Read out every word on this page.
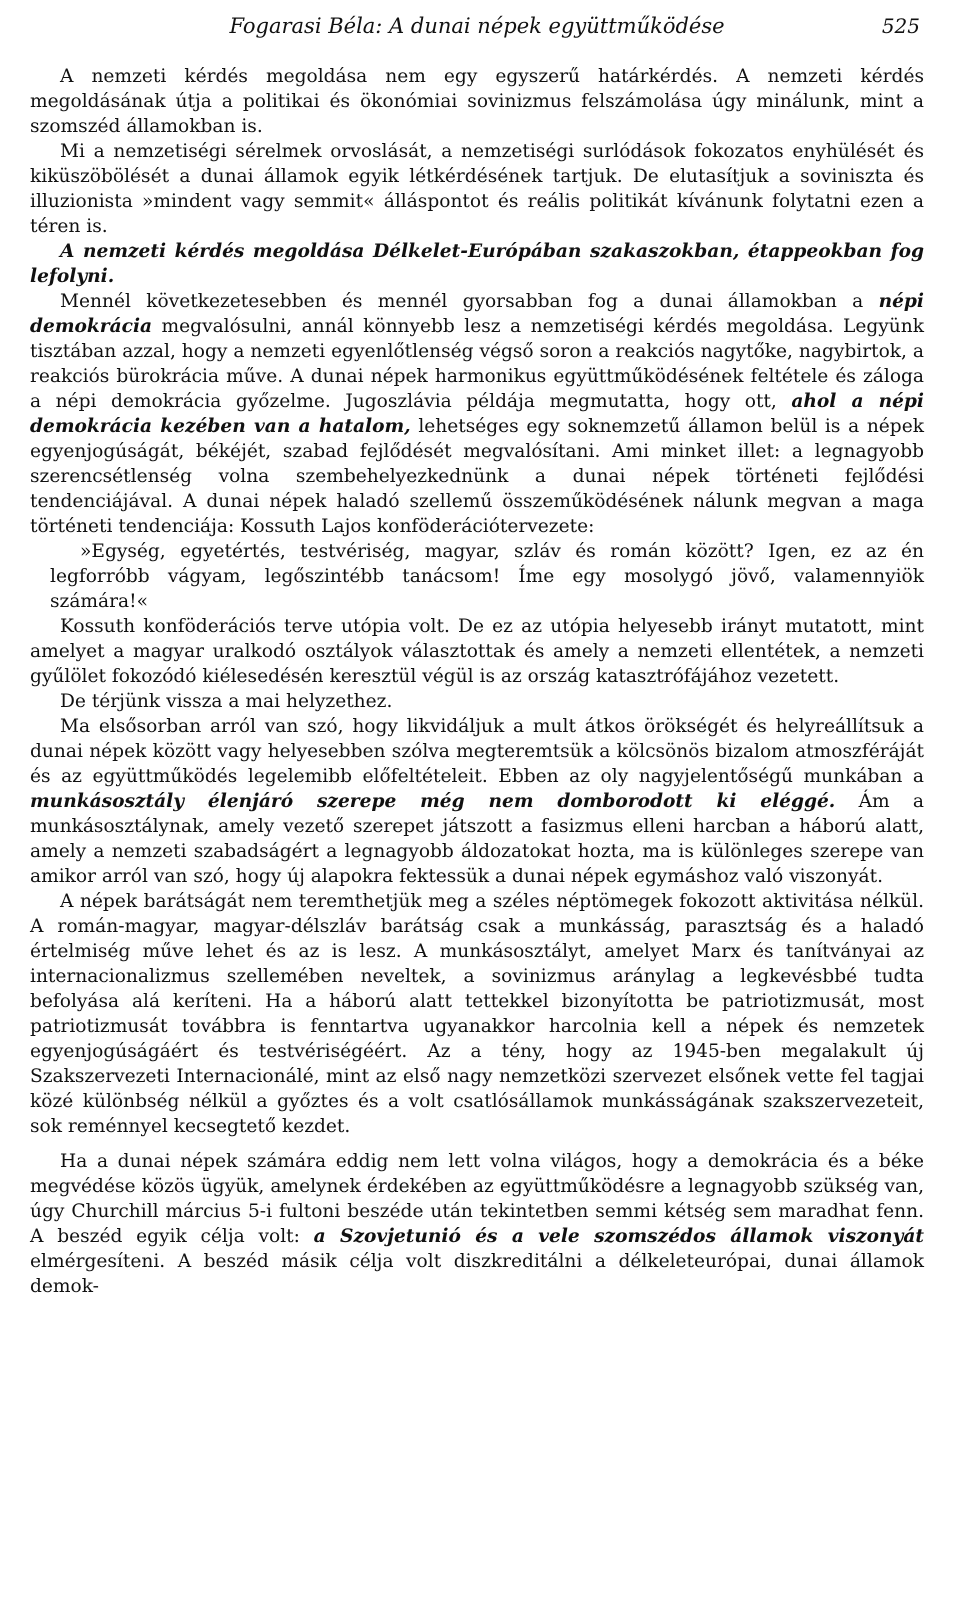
Fogarasi Béla: A dunai népek együttműködése	525

A nemzeti kérdés megoldása nem egy egyszerű határkérdés. A nemzeti kérdés megoldásának útja a politikai és ökonómiai sovinizmus felszámolása úgy minálunk, mint a szomszéd államokban is.

Mi a nemzetiségi sérelmek orvoslását, a nemzetiségi surlódások fokozatos enyhülését és kiküszöbölését a dunai államok egyik létkérdésének tartjuk. De elutasítjuk a soviniszta és illuzionista »mindent vagy semmit« álláspontot és reális politikát kívánunk folytatni ezen a téren is.

A nemzeti kérdés megoldása Délkelet-Európában szakaszokban, étappeokban fog lefolyni.

Mennél következetesebben és mennél gyorsabban fog a dunai államokban a népi demokrácia megvalósulni, annál könnyebb lesz a nemzetiségi kérdés megoldása. Legyünk tisztában azzal, hogy a nemzeti egyenlőtlenség végső soron a reakciós nagytőke, nagybirtok, a reakciós bürokrácia műve. A dunai népek harmonikus együttműködésének feltétele és záloga a népi demokrácia győzelme. Jugoszlávia példája megmutatta, hogy ott, ahol a népi demokrácia kezében van a hatalom, lehetséges egy soknemzetű államon belül is a népek egyenjogúságát, békéjét, szabad fejlődését megvalósítani. Ami minket illet: a legnagyobb szerencsétlenség volna szembehelyezkednünk a dunai népek történeti fejlődési tendenciájával. A dunai népek haladó szellemű összeműködésének nálunk megvan a maga történeti tendenciája: Kossuth Lajos konföderációtervezete:

»Egység, egyetértés, testvériség, magyar, szláv és román között? Igen, ez az én legforróbb vágyam, legőszintébb tanácsom! Íme egy mosolygó jövő, valamennyiök számára!«

Kossuth konföderációs terve utópia volt. De ez az utópia helyesebb irányt mutatott, mint amelyet a magyar uralkodó osztályok választottak és amely a nemzeti ellentétek, a nemzeti gyűlölet fokozódó kiélesedésén keresztül végül is az ország katasztrófájához vezetett.

De térjünk vissza a mai helyzethez.

Ma elsősorban arról van szó, hogy likvidáljuk a mult átkos örökségét és helyreállítsuk a dunai népek között vagy helyesebben szólva megteremtsük a kölcsönös bizalom atmoszféráját és az együttműködés legelemibb előfeltételeit. Ebben az oly nagyjelentőségű munkában a munkásosztály élenjáró szerepe még nem domborodott ki eléggé. Ám a munkásosztálynak, amely vezető szerepet játszott a fasizmus elleni harcban a háború alatt, amely a nemzeti szabadságért a legnagyobb áldozatokat hozta, ma is különleges szerepe van amikor arról van szó, hogy új alapokra fektessük a dunai népek egymáshoz való viszonyát.

A népek barátságát nem teremthetjük meg a széles néptömegek fokozott aktivitása nélkül. A román-magyar, magyar-délszláv barátság csak a munkásság, parasztság és a haladó értelmiség műve lehet és az is lesz. A munkásosztályt, amelyet Marx és tanítványai az internacionalizmus szellemében neveltek, a sovinizmus aránylag a legkevésbbé tudta befolyása alá keríteni. Ha a háború alatt tettekkel bizonyította be patriotizmusát, most patriotizmusát továbbra is fenntartva ugyanakkor harcolnia kell a népek és nemzetek egyenjogúságáért és testvériségéért. Az a tény, hogy az 1945-ben megalakult új Szakszervezeti Internacionálé, mint az első nagy nemzetközi szervezet elsőnek vette fel tagjai közé különbség nélkül a győztes és a volt csatlósállamok munkásságának szakszervezeteit, sok reménnyel kecsegtető kezdet.

Ha a dunai népek számára eddig nem lett volna világos, hogy a demokrácia és a béke megvédése közös ügyük, amelynek érdekében az együttműködésre a legnagyobb szükség van, úgy Churchill március 5-i fultoni beszéde után tekintetben semmi kétség sem maradhat fenn. A beszéd egyik célja volt: a Szovjetunió és a vele szomszédos államok viszonyát elmérgesíteni. A beszéd másik célja volt diszkreditálni a délkeleteurópai, dunai államok demok-
